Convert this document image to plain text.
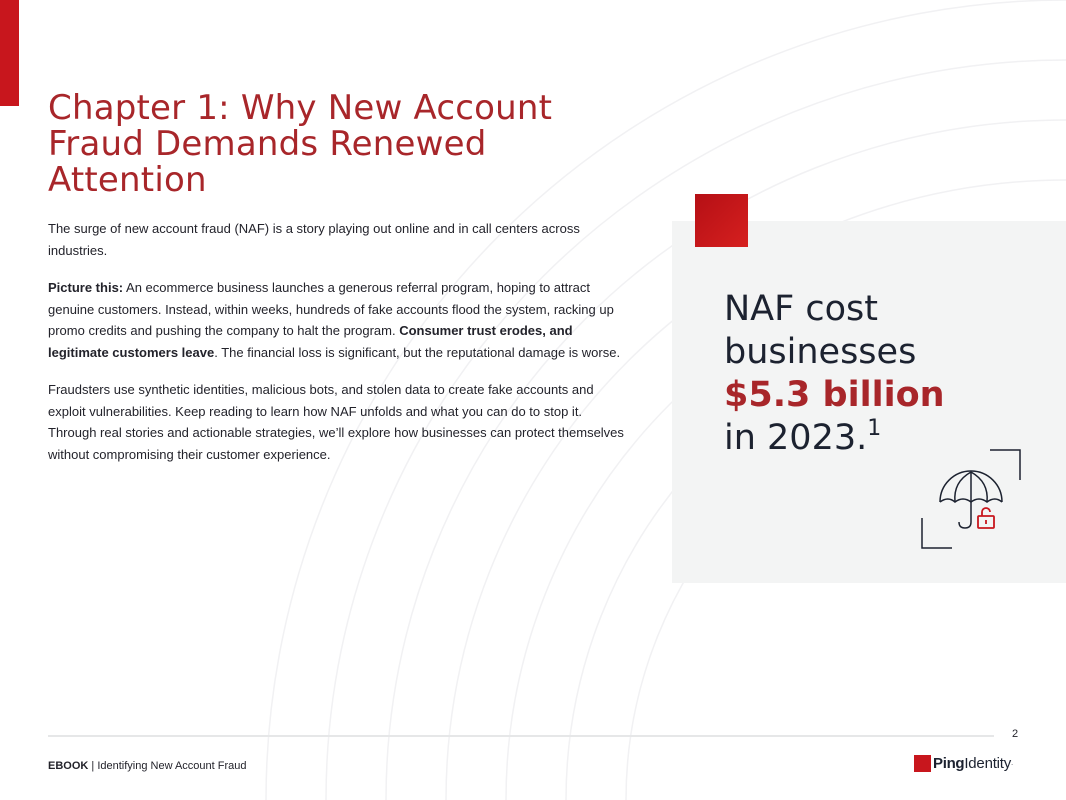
Chapter 1: Why New Account Fraud Demands Renewed Attention

The surge of new account fraud (NAF) is a story playing out online and in call centers across industries.

Picture this: An ecommerce business launches a generous referral program, hoping to attract genuine customers. Instead, within weeks, hundreds of fake accounts flood the system, racking up promo credits and pushing the company to halt the program. Consumer trust erodes, and legitimate customers leave. The financial loss is significant, but the reputational damage is worse.

Fraudsters use synthetic identities, malicious bots, and stolen data to create fake accounts and exploit vulnerabilities. Keep reading to learn how NAF unfolds and what you can do to stop it. Through real stories and actionable strategies, we’ll explore how businesses can protect themselves without compromising their customer experience.

NAF cost
businesses
$5.3 billion
in 2023.$^1$
2
EBOOK | Identifying New Account Fraud	Ping Identity .
